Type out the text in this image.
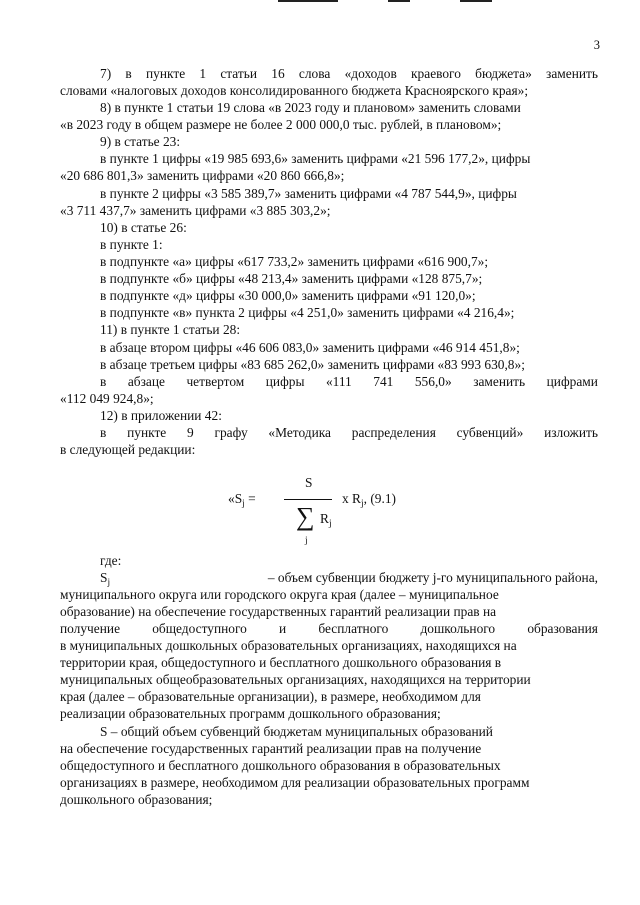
3
7) в пункте 1 статьи 16 слова «доходов краевого бюджета» заменить
словами «налоговых доходов консолидированного бюджета Красноярского края»;
8) в пункте 1 статьи 19 слова «в 2023 году и плановом» заменить словами
«в 2023 году в общем размере не более 2 000 000,0 тыс. рублей, в плановом»;
9) в статье 23:
в пункте 1 цифры «19 985 693,6» заменить цифрами «21 596 177,2», цифры
«20 686 801,3» заменить цифрами «20 860 666,8»;
в пункте 2 цифры «3 585 389,7» заменить цифрами «4 787 544,9», цифры
«3 711 437,7» заменить цифрами «3 885 303,2»;
10) в статье 26:
в пункте 1:
в подпункте «а» цифры «617 733,2» заменить цифрами «616 900,7»;
в подпункте «б» цифры «48 213,4» заменить цифрами «128 875,7»;
в подпункте «д» цифры «30 000,0» заменить цифрами «91 120,0»;
в подпункте «в» пункта 2 цифры «4 251,0» заменить цифрами «4 216,4»;
11) в пункте 1 статьи 28:
в абзаце втором цифры «46 606 083,0» заменить цифрами «46 914 451,8»;
в абзаце третьем цифры «83 685 262,0» заменить цифрами «83 993 630,8»;
в абзаце четвертом цифры «111 741 556,0» заменить цифрами
«112 049 924,8»;
12) в приложении 42:
в пункте 9 графу «Методика распределения субвенций» изложить
в следующей редакции:
«$S_j$ =
S
∑
j
$R_j$
x $R_j$, (9.1)
где:
$S_j$	– объем субвенции бюджету j-го муниципального района,
муниципального округа или городского округа края (далее – муниципальное
образование) на обеспечение государственных гарантий реализации прав на
получение общедоступного и бесплатного дошкольного образования
в муниципальных дошкольных образовательных организациях, находящихся на
территории края, общедоступного и бесплатного дошкольного образования в
муниципальных общеобразовательных организациях, находящихся на территории
края (далее – образовательные организации), в размере, необходимом для
реализации образовательных программ дошкольного образования;
S – общий объем субвенций бюджетам муниципальных образований
на обеспечение государственных гарантий реализации прав на получение
общедоступного и бесплатного дошкольного образования в образовательных
организациях в размере, необходимом для реализации образовательных программ
дошкольного образования;
